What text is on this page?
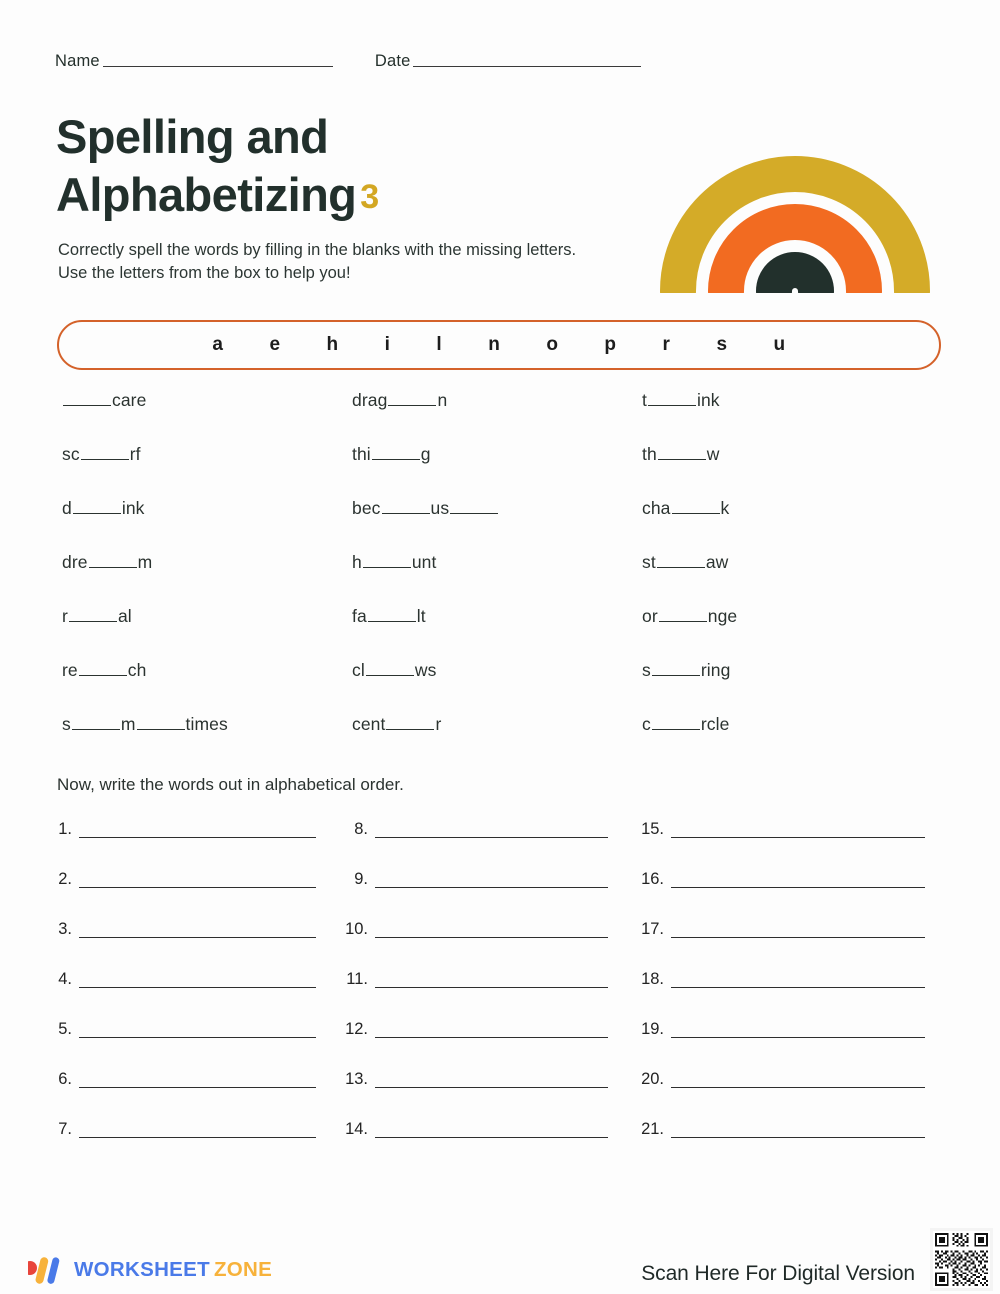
Name	Date
Spelling and
Alphabetizing 3

Correctly spell the words by filling in the blanks with the missing letters. Use the letters from the box to help you!

a e h i l n o p r s u
care
sc	rf
d	ink
dre	m
r	al
re	ch
s	m	times
drag	n
thi	g
bec	us
h	unt
fa	lt
cl	ws
cent	r
t	ink
th	w
cha	k
st	aw
or	nge
s	ring
c	rcle
Now, write the words out in alphabetical order.
1.
2.
3.
4.
5.
6.
7.
8.
9.
10.
11.
12.
13.
14.
15.
16.
17.
18.
19.
20.
21.
WORKSHEET ZONE	Scan Here For Digital Version
